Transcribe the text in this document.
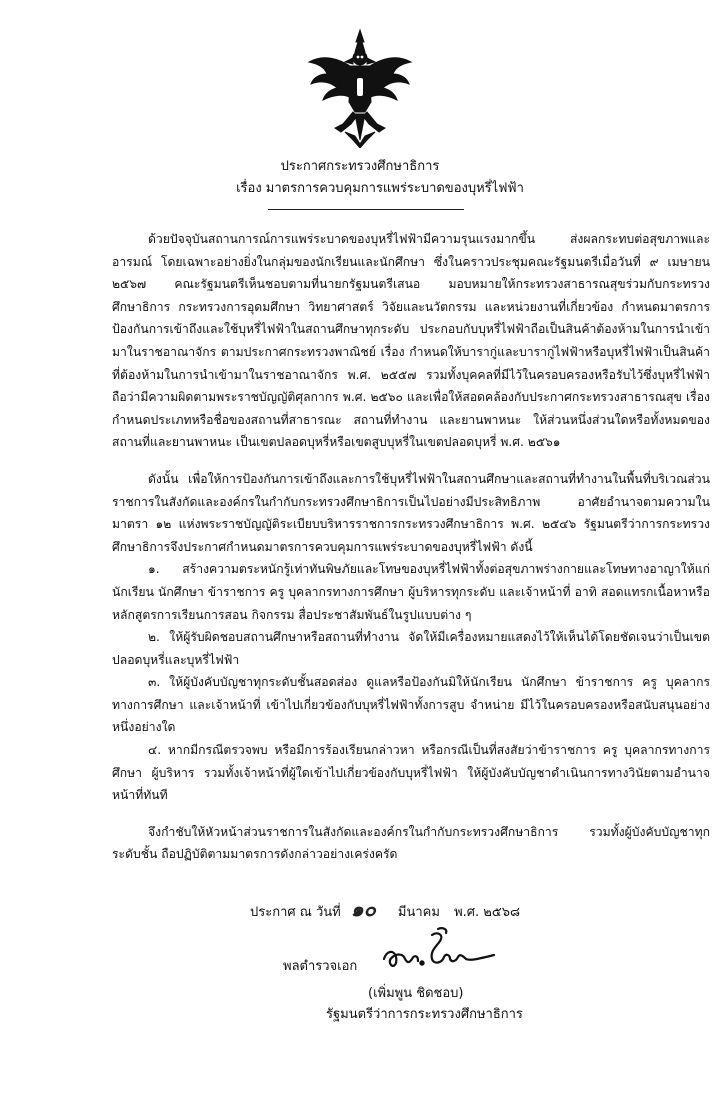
ประกาศกระทรวงศึกษาธิการ
เรื่อง มาตรการควบคุมการแพร่ระบาดของบุหรี่ไฟฟ้า

ด้วยปัจจุบันสถานการณ์การแพร่ระบาดของบุหรี่ไฟฟ้ามีความรุนแรงมากขึ้น ส่งผลกระทบต่อสุขภาพและอารมณ์ โดยเฉพาะอย่างยิ่งในกลุ่มของนักเรียนและนักศึกษา ซึ่งในคราวประชุมคณะรัฐมนตรีเมื่อวันที่ ๙ เมษายน ๒๕๖๗ คณะรัฐมนตรีเห็นชอบตามที่นายกรัฐมนตรีเสนอ มอบหมายให้กระทรวงสาธารณสุขร่วมกับกระทรวงศึกษาธิการ กระทรวงการอุดมศึกษา วิทยาศาสตร์ วิจัยและนวัตกรรม และหน่วยงานที่เกี่ยวข้อง กำหนดมาตรการป้องกันการเข้าถึงและใช้บุหรี่ไฟฟ้าในสถานศึกษาทุกระดับ ประกอบกับบุหรี่ไฟฟ้าถือเป็นสินค้าต้องห้ามในการนำเข้ามาในราชอาณาจักร ตามประกาศกระทรวงพาณิชย์ เรื่อง กำหนดให้บารากู่และบารากู่ไฟฟ้าหรือบุหรี่ไฟฟ้าเป็นสินค้าที่ต้องห้ามในการนำเข้ามาในราชอาณาจักร พ.ศ. ๒๕๕๗ รวมทั้งบุคคลที่มีไว้ในครอบครองหรือรับไว้ซึ่งบุหรี่ไฟฟ้าถือว่ามีความผิดตามพระราชบัญญัติศุลกากร พ.ศ. ๒๕๖๐ และเพื่อให้สอดคล้องกับประกาศกระทรวงสาธารณสุข เรื่อง กำหนดประเภทหรือชื่อของสถานที่สาธารณะ สถานที่ทำงาน และยานพาหนะ ให้ส่วนหนึ่งส่วนใดหรือทั้งหมดของสถานที่และยานพาหนะ เป็นเขตปลอดบุหรี่หรือเขตสูบบุหรี่ในเขตปลอดบุหรี่ พ.ศ. ๒๕๖๑

ดังนั้น เพื่อให้การป้องกันการเข้าถึงและการใช้บุหรี่ไฟฟ้าในสถานศึกษาและสถานที่ทำงานในพื้นที่บริเวณส่วนราชการในสังกัดและองค์กรในกำกับกระทรวงศึกษาธิการเป็นไปอย่างมีประสิทธิภาพ อาศัยอำนาจตามความในมาตรา ๑๒ แห่งพระราชบัญญัติระเบียบบริหารราชการกระทรวงศึกษาธิการ พ.ศ. ๒๕๔๖ รัฐมนตรีว่าการกระทรวงศึกษาธิการจึงประกาศกำหนดมาตรการควบคุมการแพร่ระบาดของบุหรี่ไฟฟ้า ดังนี้

๑. สร้างความตระหนักรู้เท่าทันพิษภัยและโทษของบุหรี่ไฟฟ้าทั้งต่อสุขภาพร่างกายและโทษทางอาญาให้แก่นักเรียน นักศึกษา ข้าราชการ ครู บุคลากรทางการศึกษา ผู้บริหารทุกระดับ และเจ้าหน้าที่ อาทิ สอดแทรกเนื้อหาหรือหลักสูตรการเรียนการสอน กิจกรรม สื่อประชาสัมพันธ์ในรูปแบบต่าง ๆ

๒. ให้ผู้รับผิดชอบสถานศึกษาหรือสถานที่ทำงาน จัดให้มีเครื่องหมายแสดงไว้ให้เห็นได้โดยชัดเจนว่าเป็นเขตปลอดบุหรี่และบุหรี่ไฟฟ้า

๓. ให้ผู้บังคับบัญชาทุกระดับชั้นสอดส่อง ดูแลหรือป้องกันมิให้นักเรียน นักศึกษา ข้าราชการ ครู บุคลากรทางการศึกษา และเจ้าหน้าที่ เข้าไปเกี่ยวข้องกับบุหรี่ไฟฟ้าทั้งการสูบ จำหน่าย มีไว้ในครอบครองหรือสนับสนุนอย่างหนึ่งอย่างใด

๔. หากมีกรณีตรวจพบ หรือมีการร้องเรียนกล่าวหา หรือกรณีเป็นที่สงสัยว่าข้าราชการ ครู บุคลากรทางการศึกษา ผู้บริหาร รวมทั้งเจ้าหน้าที่ผู้ใดเข้าไปเกี่ยวข้องกับบุหรี่ไฟฟ้า ให้ผู้บังคับบัญชาดำเนินการทางวินัยตามอำนาจหน้าที่ทันที

จึงกำชับให้หัวหน้าส่วนราชการในสังกัดและองค์กรในกำกับกระทรวงศึกษาธิการ รวมทั้งผู้บังคับบัญชาทุกระดับชั้น ถือปฏิบัติตามมาตรการดังกล่าวอย่างเคร่งครัด

ประกาศ ณ วันที่ ๑๐ มีนาคม พ.ศ. ๒๕๖๘
พลตำรวจเอก
(เพิ่มพูน ชิดชอบ)
รัฐมนตรีว่าการกระทรวงศึกษาธิการ
